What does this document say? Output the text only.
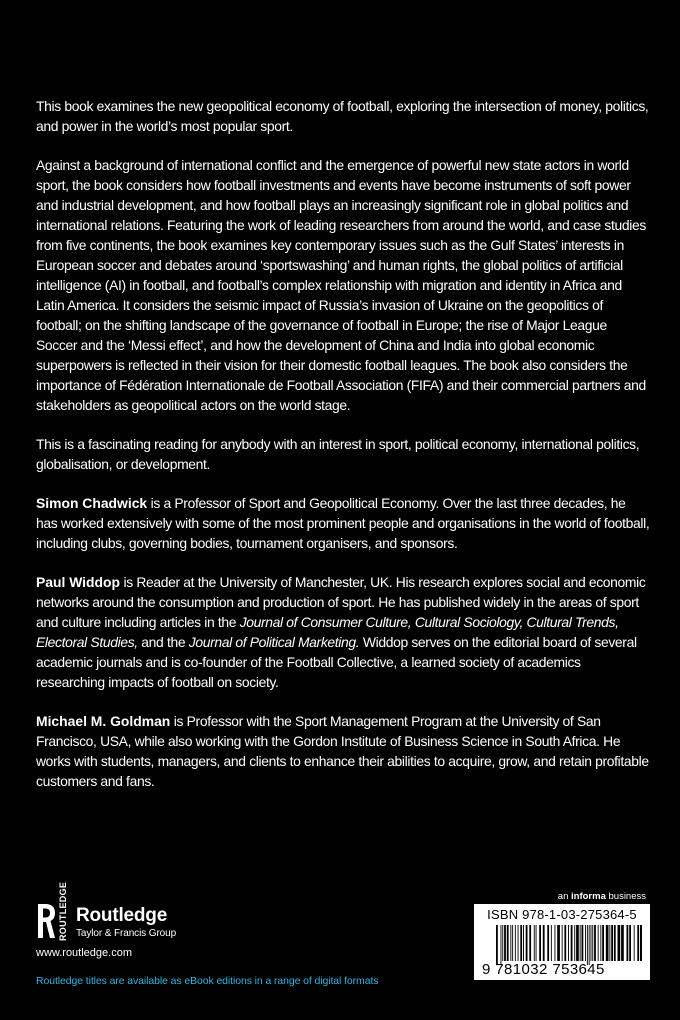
This book examines the new geopolitical economy of football, exploring the intersection of money, politics, and power in the world’s most popular sport.

Against a background of international conflict and the emergence of powerful new state actors in world sport, the book considers how football investments and events have become instruments of soft power and industrial development, and how football plays an increasingly significant role in global politics and international relations. Featuring the work of leading researchers from around the world, and case studies from five continents, the book examines key contemporary issues such as the Gulf States’ interests in European soccer and debates around ‘sportswashing’ and human rights, the global politics of artificial intelligence (AI) in football, and football’s complex relationship with migration and identity in Africa and Latin America. It considers the seismic impact of Russia’s invasion of Ukraine on the geopolitics of football; on the shifting landscape of the governance of football in Europe; the rise of Major League Soccer and the ‘Messi effect’, and how the development of China and India into global economic superpowers is reflected in their vision for their domestic football leagues. The book also considers the importance of Fédération Internationale de Football Association (FIFA) and their commercial partners and stakeholders as geopolitical actors on the world stage.

This is a fascinating reading for anybody with an interest in sport, political economy, international politics, globalisation, or development.

Simon Chadwick is a Professor of Sport and Geopolitical Economy. Over the last three decades, he has worked extensively with some of the most prominent people and organisations in the world of football, including clubs, governing bodies, tournament organisers, and sponsors.

Paul Widdop is Reader at the University of Manchester, UK. His research explores social and economic networks around the consumption and production of sport. He has published widely in the areas of sport and culture including articles in the Journal of Consumer Culture, Cultural Sociology, Cultural Trends, Electoral Studies, and the Journal of Political Marketing. Widdop serves on the editorial board of several academic journals and is co-founder of the Football Collective, a learned society of academics researching impacts of football on society.

Michael M. Goldman is Professor with the Sport Management Program at the University of San Francisco, USA, while also working with the Gordon Institute of Business Science in South Africa. He works with students, managers, and clients to enhance their abilities to acquire, grow, and retain profitable customers and fans.

ROUTLEDGE Routledge
Taylor & Francis Group
www.routledge.com
Routledge titles are available as eBook editions in a range of digital formats
an informa business
ISBN 978-1-03-275364-5
9 781032 753645
